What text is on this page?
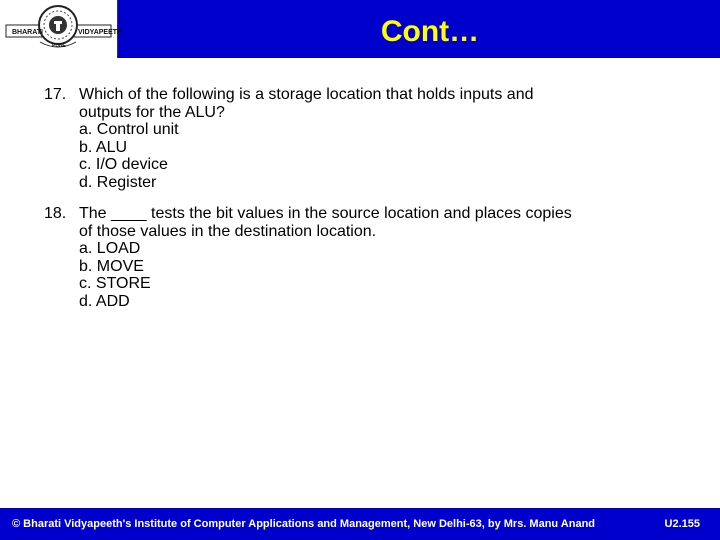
BHARATI	VIDYAPEETH
PUNE	Cont…
17. Which of the following is a storage location that holds inputs and
outputs for the ALU?
a. Control unit
b. ALU
c. I/O device
d. Register
18. The ____ tests the bit values in the source location and places copies
of those values in the destination location.
a. LOAD
b. MOVE
c. STORE
d. ADD
© Bharati Vidyapeeth's Institute of Computer Applications and Management, New Delhi-63, by Mrs. Manu Anand	U2.155
